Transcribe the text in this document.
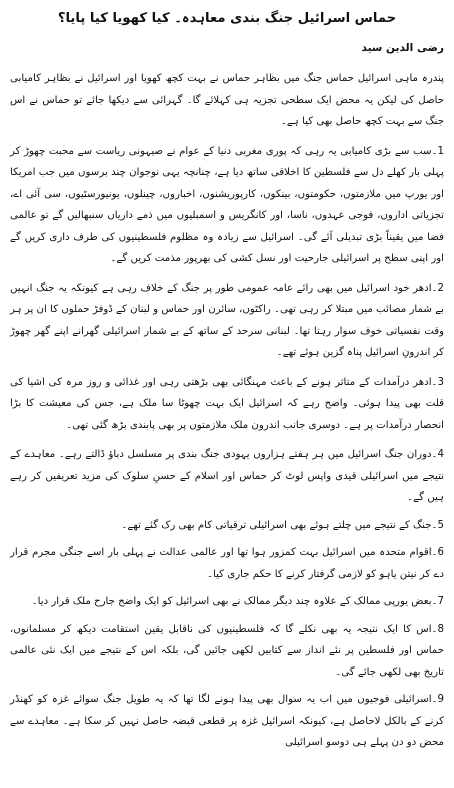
حماس اسرائیل جنگ بندی معاہدہ۔ کیا کھویا کیا پایا؟
رضی الدین سید

پندرہ ماہی اسرائیل حماس جنگ میں بظاہر حماس نے بہت کچھ کھویا اور اسرائیل نے بظاہر کامیابی حاصل کی لیکن یہ محض ایک سطحی تجزیہ ہی کہلائے گا۔ گہرائی سے دیکھا جائے تو حماس نے اس جنگ سے بہت کچھ حاصل بھی کیا ہے۔

1۔سب سے بڑی کامیابی یہ رہی کہ پوری مغربی دنیا کے عوام نے صیہونی ریاست سے محبت چھوڑ کر پہلی بار کھلے دل سے فلسطین کا اخلاقی ساتھ دیا ہے، چنانچہ یہی نوجوان چند برسوں میں جب امریکا اور یورپ میں ملازمتوں، حکومتوں، بینکوں، کارپوریشنوں، اخباروں، چینلوں، یونیورسٹیوں، سی آئی اے، تجزیاتی اداروں، فوجی عہدوں، ناسا، اور کانگریس و اسمبلیوں میں ذمے داریاں سنبھالیں گے تو عالمی فضا میں یقیناً بڑی تبدیلی آئے گی۔ اسرائیل سے زیادہ وہ مظلوم فلسطینیوں کی طرف داری کریں گے اور اپنی سطح پر اسرائیلی جارحیت اور نسل کشی کی بھرپور مذمت کریں گے۔

2۔ادھر خود اسرائیل میں بھی رائے عامہ عمومی طور پر جنگ کے خلاف رہی ہے کیونکہ یہ جنگ انہیں بے شمار مصائب میں مبتلا کر رہی تھی۔ راکٹوں، سائرن اور حماس و لبنان کے ڈوفڑ حملوں کا ان پر ہر وقت نفسیاتی خوف سوار رہتا تھا۔ لبنانی سرحد کے ساتھ کے بے شمار اسرائیلی گھرانے اپنے گھر چھوڑ کر اندرونِ اسرائیل پناہ گزین ہوئے تھے۔

3۔ادھر درآمدات کے متاثر ہونے کے باعث مہنگائی بھی بڑھتی رہی اور غذائی و روز مرہ کی اشیا کی قلت بھی پیدا ہوئی۔ واضح رہے کہ اسرائیل ایک بہت چھوٹا سا ملک ہے، جس کی معیشت کا بڑا انحصار درآمدات پر ہے۔ دوسری جانب اندرون ملک ملازمتوں پر بھی پابندی بڑھ گئی تھی۔

4۔دوران جنگ اسرائیل میں ہر ہفتے ہزاروں یہودی جنگ بندی پر مسلسل دباؤ ڈالتے رہے۔ معاہدے کے نتیجے میں اسرائیلی قیدی واپس لوٹ کر حماس اور اسلام کے حسنِ سلوک کی مزید تعریفیں کر رہے ہیں گے۔

5۔جنگ کے نتیجے میں چلتے ہوئے بھی اسرائیلی ترقیاتی کام بھی رک گئے تھے۔

6۔اقوام متحدہ میں اسرائیل بہت کمزور ہوا تھا اور عالمی عدالت نے پہلی بار اسے جنگی مجرم قرار دے کر نیتن یاہو کو لازمی گرفتار کرنے کا حکم جاری کیا۔

7۔بعض یورپی ممالک کے علاوہ چند دیگر ممالک نے بھی اسرائیل کو ایک واضح جارح ملک قرار دیا۔

8۔اس کا ایک نتیجہ یہ بھی نکلے گا کہ فلسطینیوں کی ناقابل یقین استقامت دیکھ کر مسلمانوں، حماس اور فلسطین پر نئے انداز سے کتابیں لکھی جائیں گی، بلکہ اس کے نتیجے میں ایک نئی عالمی تاریخ بھی لکھی جائے گی۔

9۔اسرائیلی فوجیوں میں اب یہ سوال بھی پیدا ہونے لگا تھا کہ یہ طویل جنگ سوائے غزہ کو کھنڈر کرنے کے بالکل لاحاصل ہے، کیونکہ اسرائیل غزہ پر قطعی قبضہ حاصل نہیں کر سکا ہے۔ معاہدے سے محض دو دن پہلے ہی دوسو اسرائیلی
